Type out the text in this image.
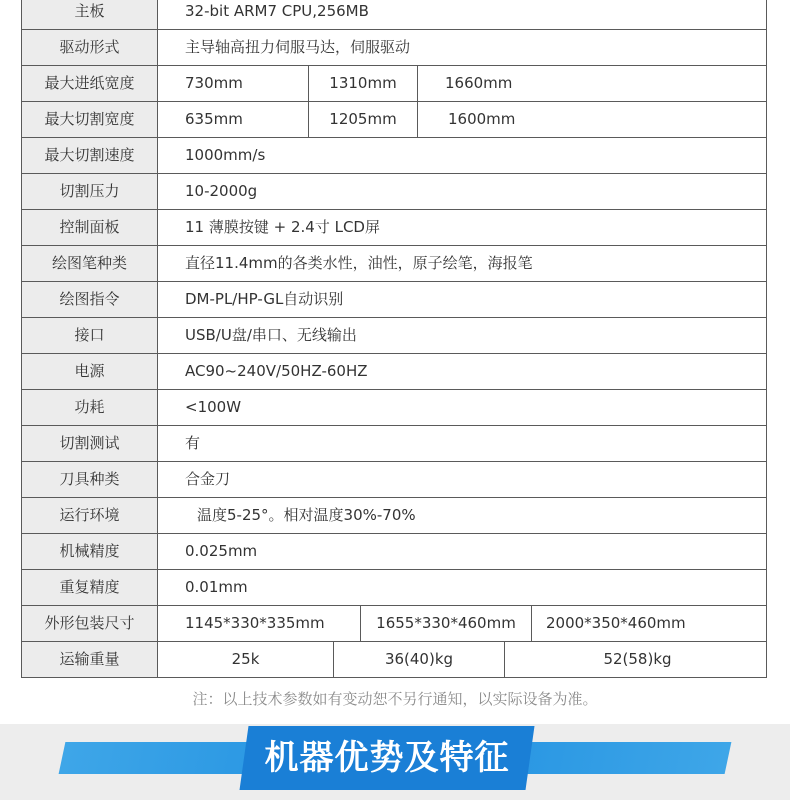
主板	32-bit ARM7 CPU,256MB
驱动形式	主导轴高扭力伺服马达，伺服驱动
最大进纸宽度		730mm	1310mm	1660mm

最大切割宽度		635mm	1205mm	1600mm

最大切割速度	1000mm/s
切割压力	10-2000g
控制面板	11 薄膜按键 + 2.4寸 LCD屏
绘图笔种类	直径11.4mm的各类水性，油性，原子绘笔，海报笔
绘图指令	DM-PL/HP-GL自动识别
接口	USB/U盘/串口、无线输出
电源	AC90~240V/50HZ-60HZ
功耗	<100W
切割测试	有
刀具种类	合金刀
运行环境	温度5-25°。相对温度30%-70%
机械精度	0.025mm
重复精度	0.01mm
外形包装尺寸		1145*330*335mm	1655*330*460mm	2000*350*460mm

运输重量		25k	36(40)kg	52(58)kg
注：以上技术参数如有变动恕不另行通知，以实际设备为准。
机器优势及特征
